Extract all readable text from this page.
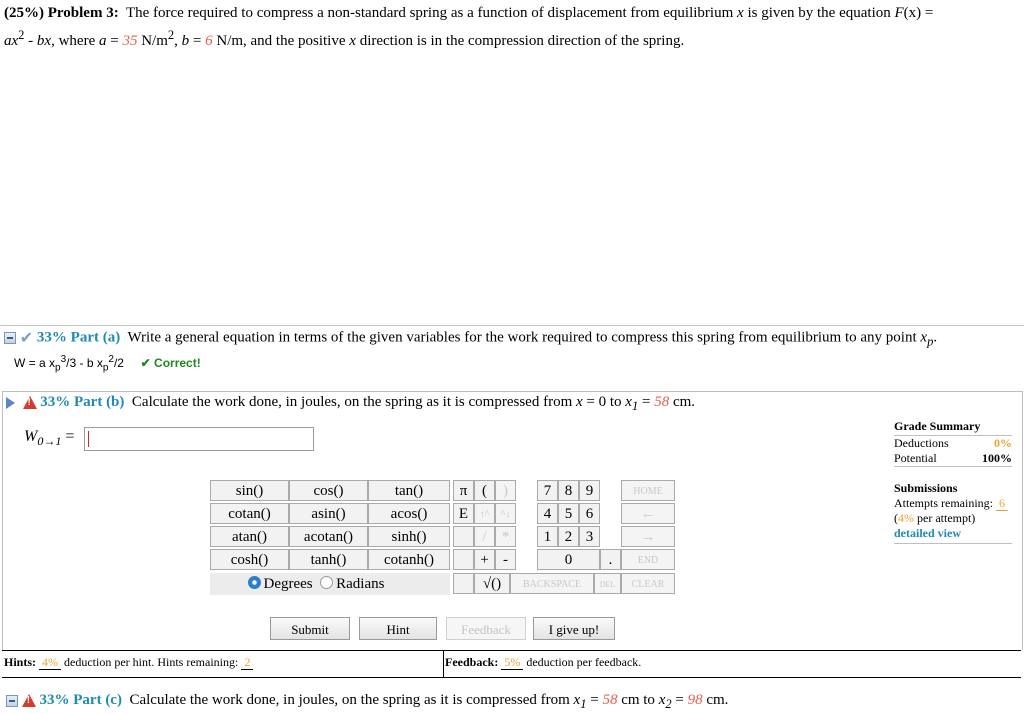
(25%) Problem 3: The force required to compress a non-standard spring as a function of displacement from equilibrium x is given by the equation F(x) =
$ax^2$ - bx, where a = 35 $N/m^2$, b = 6 N/m, and the positive x direction is in the compression direction of the spring.
✔ 33% Part (a) Write a general equation in terms of the given variables for the work required to compress this spring from equilibrium to any point $x_p$.
W = a $x_p^3/3$ - b $x_p^2/2$ ✔ Correct!
! 33% Part (b) Calculate the work done, in joules, on the spring as it is compressed from x = 0 to $x_1 = 58$ cm.
$W_{0\to 1}$ =
Grade Summary
Deductions	0%
Potential	100%
Submissions
Attempts remaining: 6
(4% per attempt)
detailed view
sin()	cos()	tan()
cotan()	asin()	acos()
atan()	acotan()	sinh()
cosh()	tanh()	cotanh()
Degrees Radians
π (	)
E	↑^	^↓
/	*
+ -
√()
7 8 9
4 5 6
1 2 3
0	.
BACKSPACE	DEL
HOME
←
→
END
CLEAR
Submit	Hint	Feedback	I give up!
Hints: 4% deduction per hint. Hints remaining: 2	Feedback: 5% deduction per feedback.
! 33% Part (c) Calculate the work done, in joules, on the spring as it is compressed from $x_1 = 58$ cm to $x_2 = 98$ cm.
